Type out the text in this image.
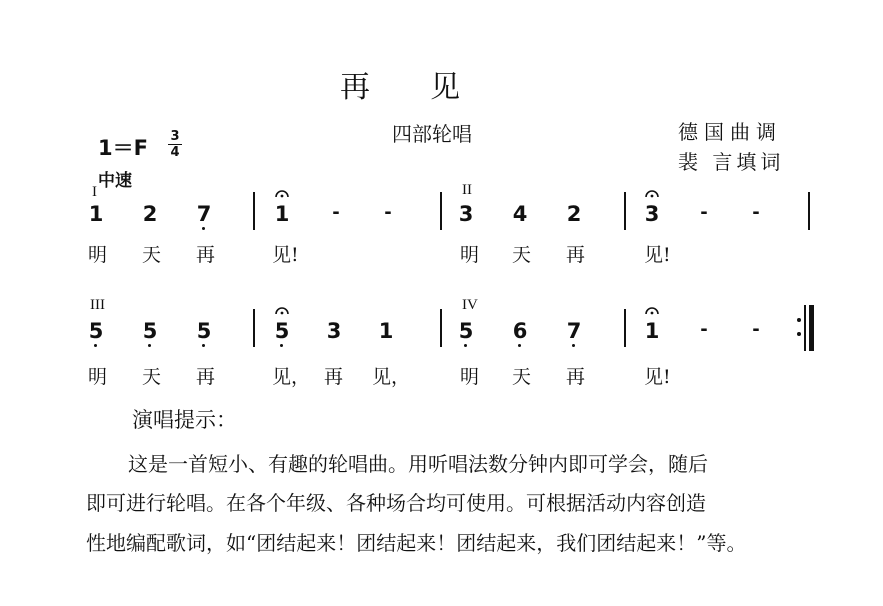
再见
四部轮唱	德国曲调
裴 言填词
1＝F 3
4
中速
I	II
III	IV
1 2 7	1	-	-	3 4 2	3	-	-
明 天 再	见!	明 天 再	见!
5 5 5	5 3 1	5 6 7	1	-	-
明 天 再	见， 再 见，	明 天 再	见!
演唱提示：
这是一首短小、有趣的轮唱曲。用听唱法数分钟内即可学会，随后
即可进行轮唱。在各个年级、各种场合均可使用。可根据活动内容创造
性地编配歌词，如“团结起来！团结起来！团结起来，我们团结起来！”等。
